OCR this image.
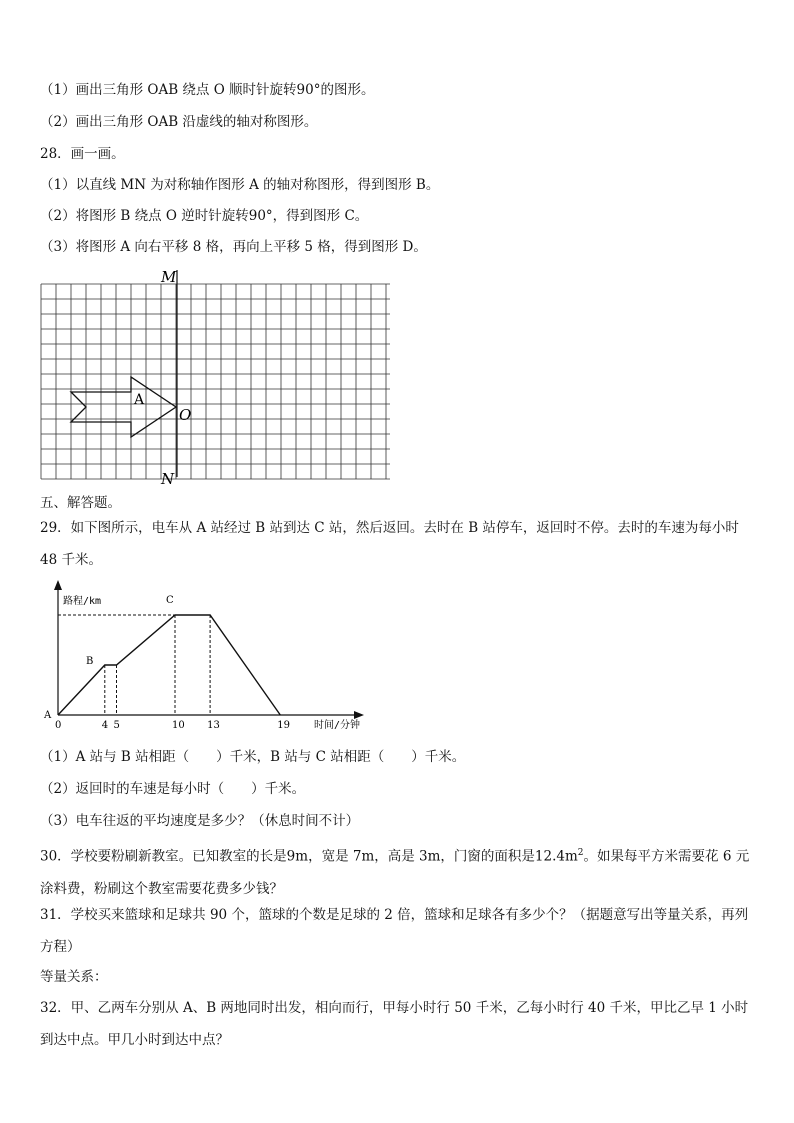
（1）画出三角形 OAB 绕点 O 顺时针旋转90°的图形。
（2）画出三角形 OAB 沿虚线的轴对称图形。
28．画一画。
（1）以直线 MN 为对称轴作图形 A 的轴对称图形，得到图形 B。
（2）将图形 B 绕点 O 逆时针旋转90°，得到图形 C。
（3）将图形 A 向右平移 8 格，再向上平移 5 格，得到图形 D。
M
N
O
A
五、解答题。
29．如下图所示，电车从 A 站经过 B 站到达 C 站，然后返回。去时在 B 站停车，返回时不停。去时的车速为每小时 48 千米。
路程/km
时间/分钟
A
B
C
0	4 5	10 13	19
（1）A 站与 B 站相距（　　）千米，B 站与 C 站相距（　　）千米。
（2）返回时的车速是每小时（　　）千米。
（3）电车往返的平均速度是多少？（休息时间不计）
30．学校要粉刷新教室。已知教室的长是9m，宽是 7m，高是 3m，门窗的面积是$12.4m^2$。如果每平方米需要花 6 元涂料费，粉刷这个教室需要花费多少钱？
31．学校买来篮球和足球共 90 个，篮球的个数是足球的 2 倍，篮球和足球各有多少个？（据题意写出等量关系，再列方程）
等量关系：
32．甲、乙两车分别从 A、B 两地同时出发，相向而行，甲每小时行 50 千米，乙每小时行 40 千米，甲比乙早 1 小时到达中点。甲几小时到达中点？
